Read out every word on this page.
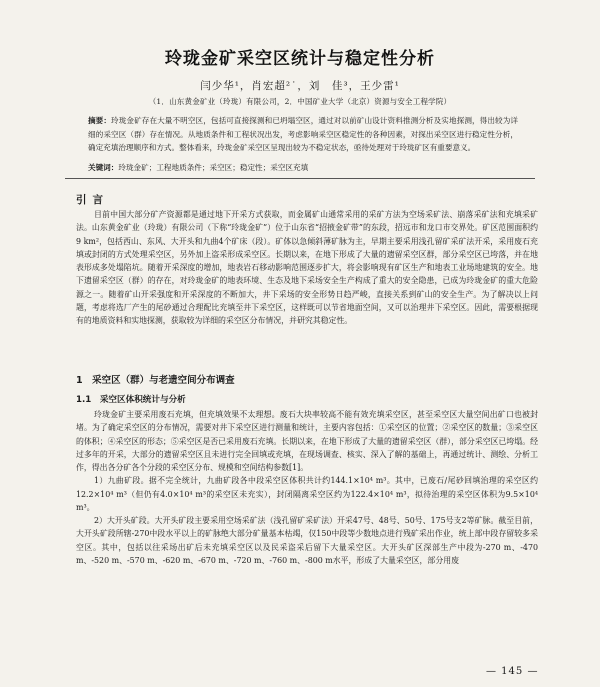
玲珑金矿采空区统计与稳定性分析
闫少华¹，肖宏超²˙，刘　佳³，王少雷¹
（1．山东黄金矿业（玲珑）有限公司，2．中国矿业大学（北京）资源与安全工程学院）
摘要：玲珑金矿存在大量不明空区，包括可直接探测和已坍塌空区，通过对以前矿山设计资料推测分析及实地探测，得出较为详细的采空区（群）存在情况。从地质条件和工程状况出发，考虑影响采空区稳定性的各种因素，对探出采空区进行稳定性分析，确定充填治理顺序和方式。整体看来，玲珑金矿采空区呈现出较为不稳定状态，亟待处理对于玲珑矿区有重要意义。
关键词：玲珑金矿；工程地质条件；采空区；稳定性；采空区充填
引言

目前中国大部分矿产资源都是通过地下开采方式获取，而金属矿山通常采用的采矿方法为空场采矿法、崩落采矿法和充填采矿法。山东黄金矿业（玲珑）有限公司（下称“玲珑金矿”）位于山东省“招掖金矿带”的东段，招远市和龙口市交界处。矿区范围面积约9 km²，包括西山、东风、大开头和九曲4个矿床（段）。矿体以急倾斜薄矿脉为主，早期主要采用浅孔留矿采矿法开采，采用废石充填或封闭的方式处理采空区，另外加上盗采形成采空区。长期以来，在地下形成了大量的遗留采空区群，部分采空区已垮落，并在地表形成多处塌陷坑。随着开采深度的增加，地表岩石移动影响范围逐步扩大，将会影响现有矿区生产和地表工业场地建筑的安全。地下遗留采空区（群）的存在，对玲珑金矿的地表环境、生态及地下采场安全生产构成了重大的安全隐患，已成为玲珑金矿的重大危险源之一。随着矿山开采强度和开采深度的不断加大，井下采场的安全形势日趋严峻，直接关系到矿山的安全生产。为了解决以上问题，考虑将选厂产生的尾砂通过合理配比充填至井下采空区，这样既可以节省地面空间，又可以治理井下采空区。因此，需要根据现有的地质资料和实地探测，获取较为详细的采空区分布情况，并研究其稳定性。

1　采空区（群）与老遗空间分布调查
1.1　采空区体积统计与分析

玲珑金矿主要采用废石充填，但充填效果不太理想。废石大块率较高不能有效充填采空区，甚至采空区大量空间出矿口也被封堵。为了确定采空区的分布情况，需要对井下采空区进行测量和统计，主要内容包括：①采空区的位置；②采空区的数量；③采空区的体积；④采空区的形态；⑤采空区是否已采用废石充填。长期以来，在地下形成了大量的遗留采空区（群），部分采空区已垮塌。经过多年的开采，大部分的遗留采空区且未进行完全回填或充填，在现场调查、核实、深入了解的基础上，再通过统计、测绘、分析工作，得出各分矿各个分段的采空区分布、规模和空间结构参数[1]。

1）九曲矿段。据不完全统计，九曲矿段各中段采空区体积共计约144.1×10⁴ m³。其中，已废石/尾砂回填治理的采空区约12.2×10⁴ m³（但仍有4.0×10⁴ m³的采空区未充实），封闭隔离采空区约为122.4×10⁴ m³，拟待治理的采空区体积为9.5×10⁴ m³。

2）大开头矿段。大开头矿段主要采用空场采矿法（浅孔留矿采矿法）开采47号、48号、50号、175号支2等矿脉。截至目前，大开头矿段所辖-270中段水平以上的矿脉绝大部分矿量基本枯竭，仅150中段等少数地点进行残矿采出作业，统上部中段存留较多采空区。其中，包括以往采场出矿后未充填采空区以及民采盗采后留下大量采空区。大开头矿区深部生产中段为-270 m、-470 m、-520 m、-570 m、-620 m、-670 m、-720 m、-760 m、-800 m水平，形成了大量采空区，部分用废

— 145 —
